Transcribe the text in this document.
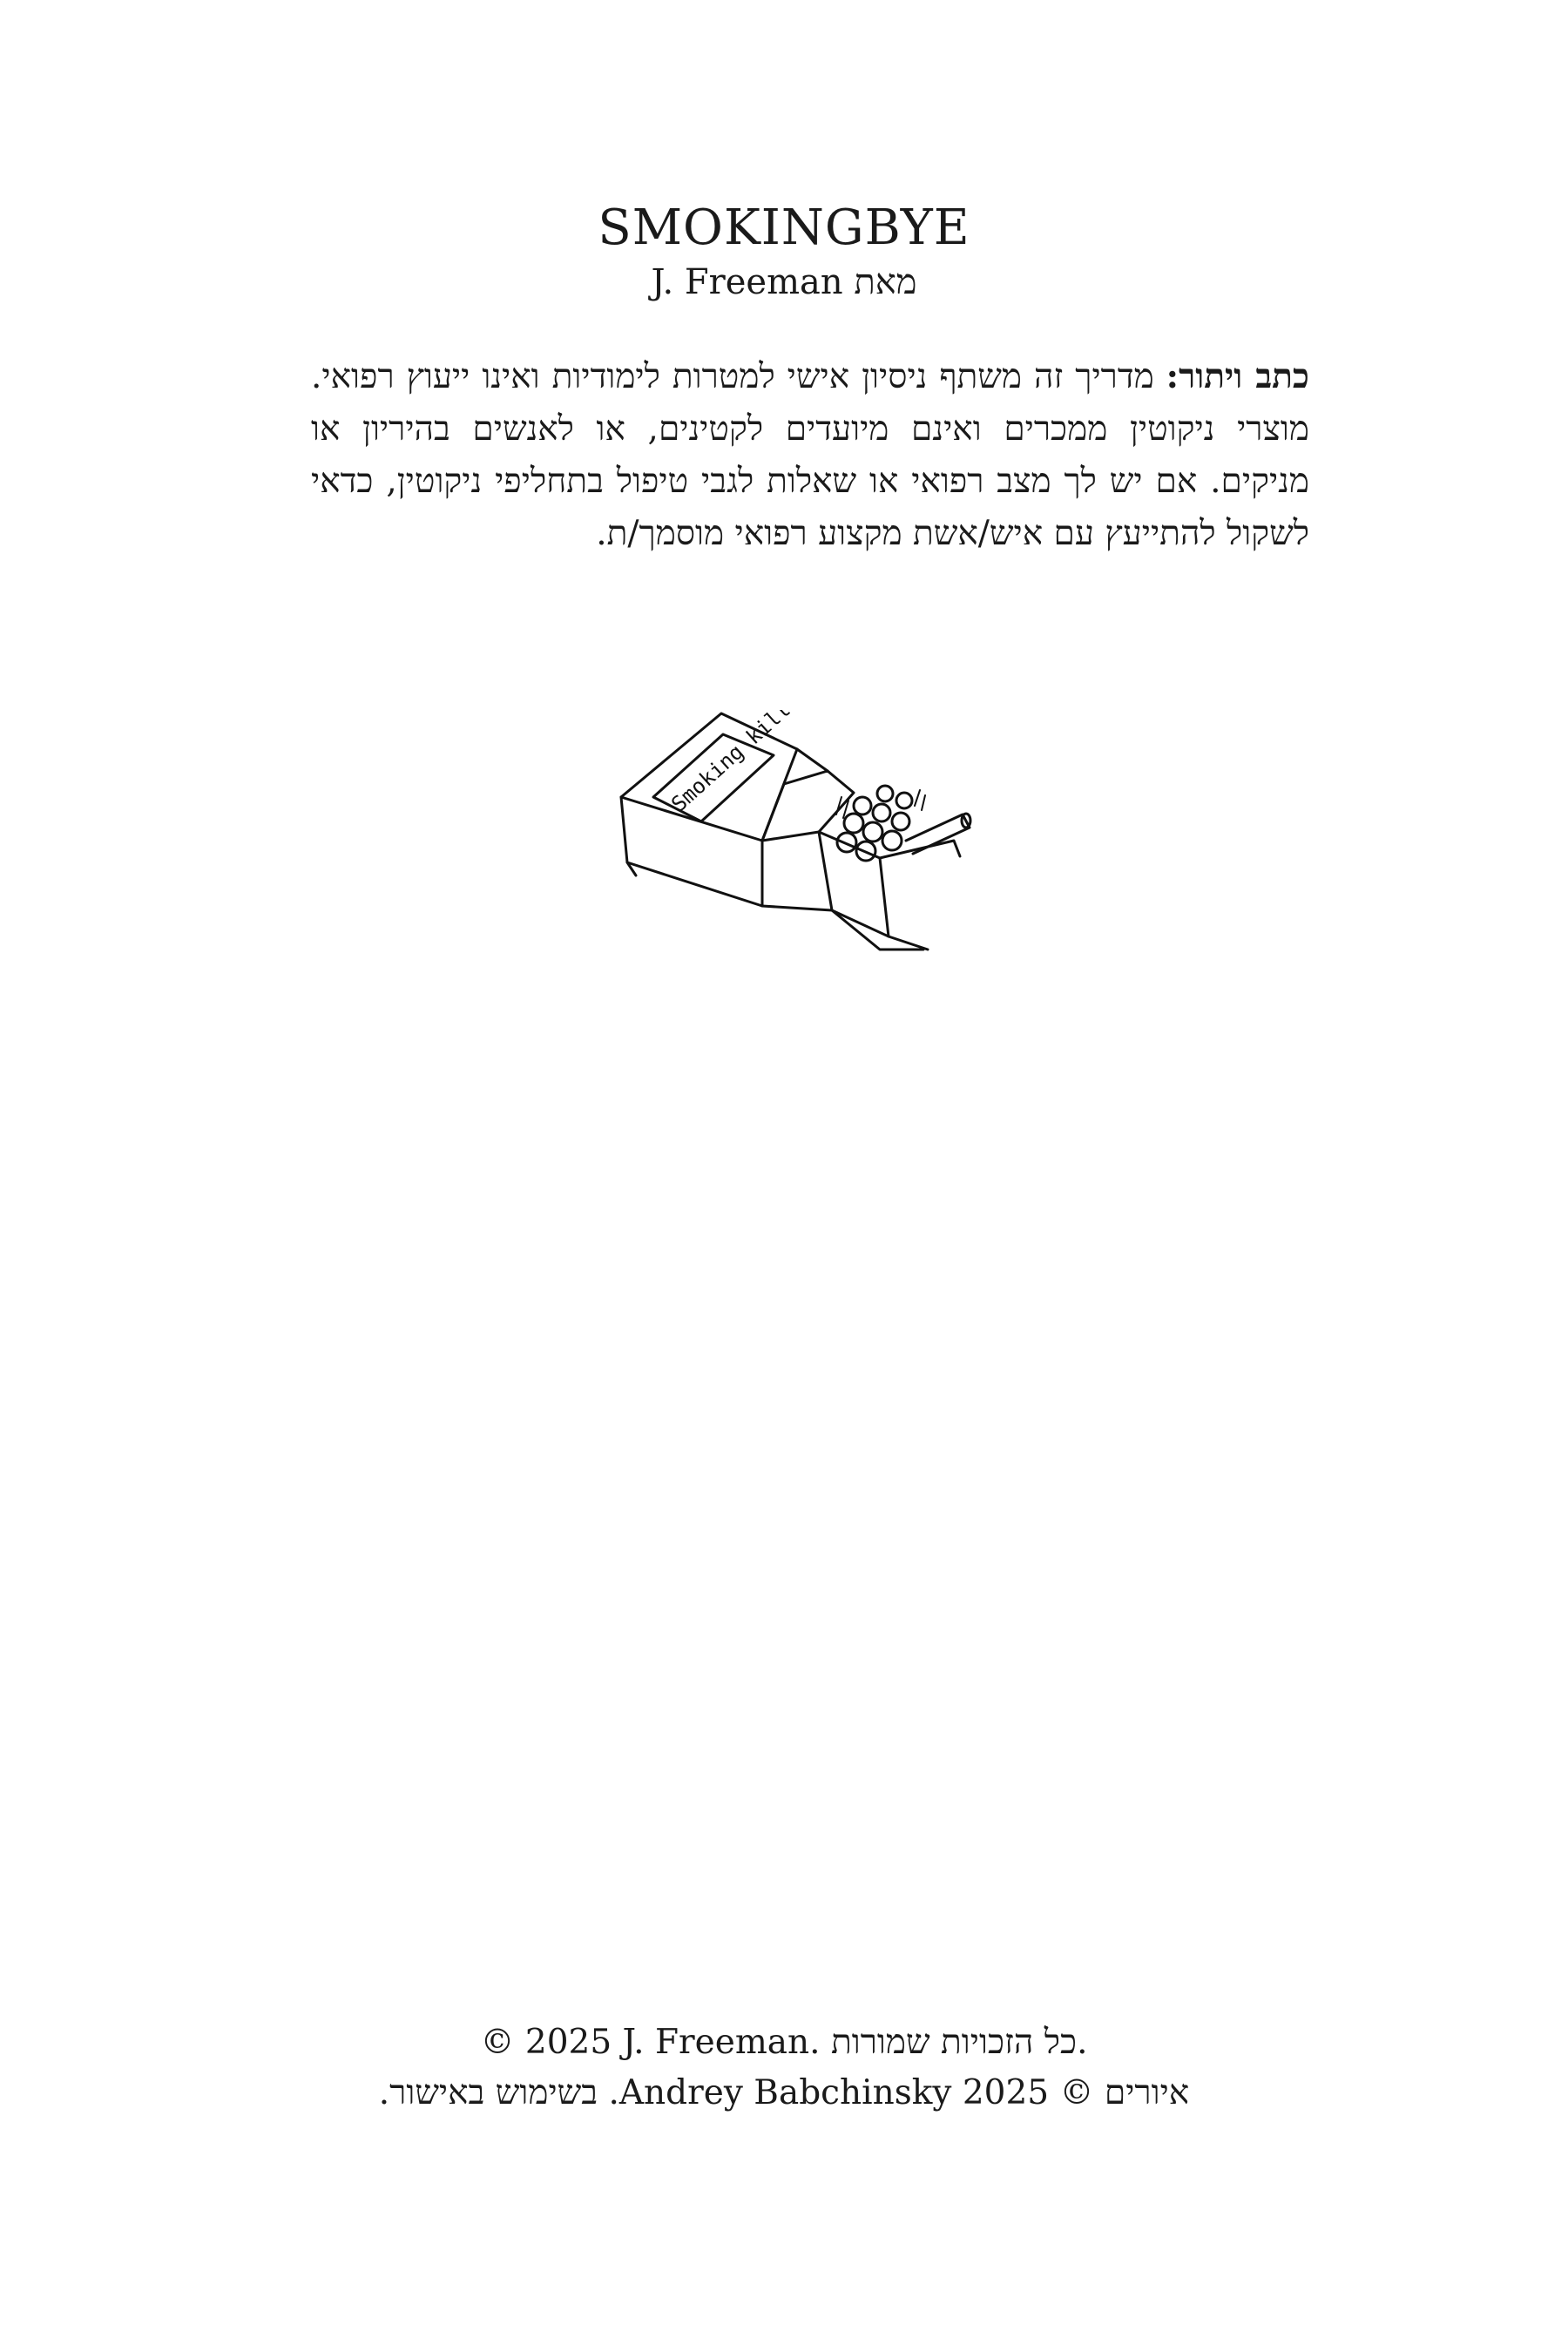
SMOKINGBYE
מאת J. Freeman

כתב ויתור: מדריך זה משתף ניסיון אישי למטרות לימודיות ואינו ייעוץ רפואי. מוצרי ניקוטין ממכרים ואינם מיועדים לקטינים, או לאנשים בהיריון או מניקים. אם יש לך מצב רפואי או שאלות לגבי טיפול בתחליפי ניקוטין, כדאי לשקול להתייעץ עם איש/אשת מקצוע רפואי מוסמך/ת.

Smoking kills
© 2025 J. Freeman. כל הזכויות שמורות.
איורים © 2025 Andrey Babchinsky. בשימוש באישור.
